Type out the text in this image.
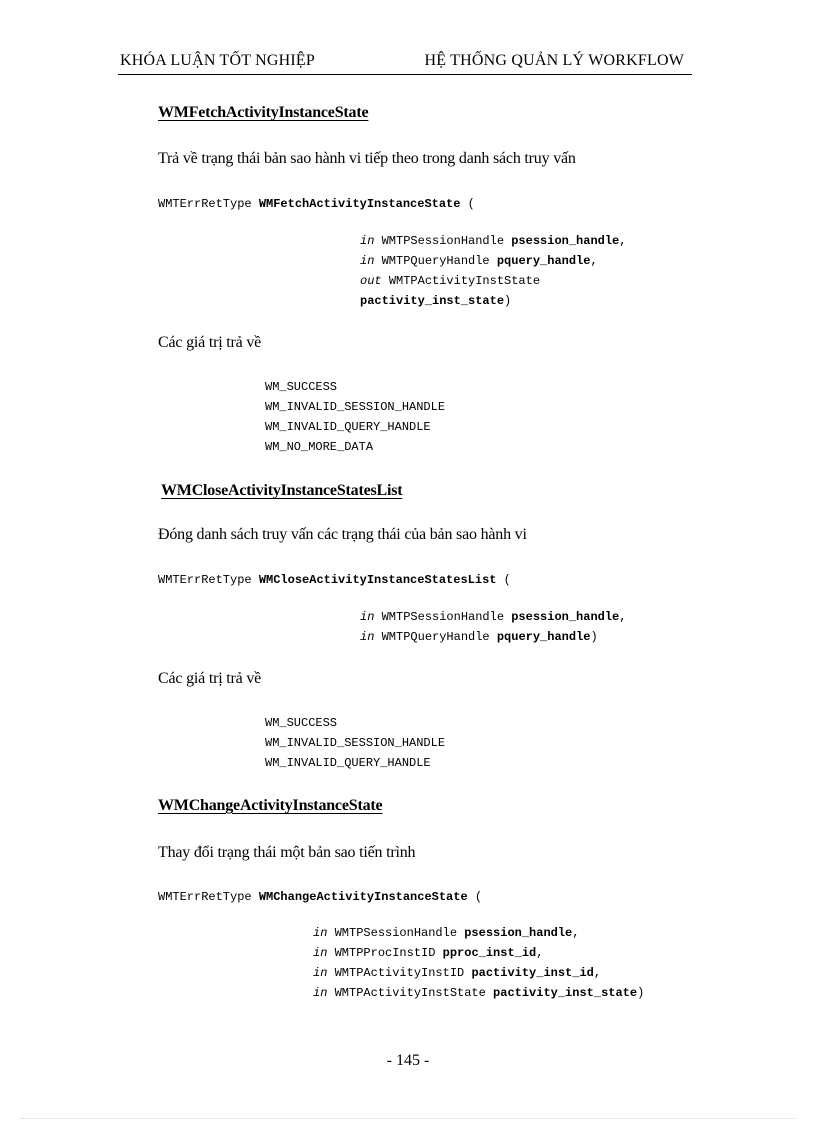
KHÓA LUẬN TỐT NGHIỆP	HỆ THỐNG QUẢN LÝ WORKFLOW
WMFetchActivityInstanceState
Trả về trạng thái bản sao hành vi tiếp theo trong danh sách truy vấn
WMTErrRetType WMFetchActivityInstanceState (
in WMTPSessionHandle psession_handle,
in WMTPQueryHandle pquery_handle,
out WMTPActivityInstState
pactivity_inst_state)
Các giá trị trả về
WM_SUCCESS
WM_INVALID_SESSION_HANDLE
WM_INVALID_QUERY_HANDLE
WM_NO_MORE_DATA
WMCloseActivityInstanceStatesList
Đóng danh sách truy vấn các trạng thái của bản sao hành vi
WMTErrRetType WMCloseActivityInstanceStatesList (
in WMTPSessionHandle psession_handle,
in WMTPQueryHandle pquery_handle)
Các giá trị trả về
WM_SUCCESS
WM_INVALID_SESSION_HANDLE
WM_INVALID_QUERY_HANDLE
WMChangeActivityInstanceState
Thay đổi trạng thái một bản sao tiến trình
WMTErrRetType WMChangeActivityInstanceState (
in WMTPSessionHandle psession_handle,
in WMTPProcInstID pproc_inst_id,
in WMTPActivityInstID pactivity_inst_id,
in WMTPActivityInstState pactivity_inst_state)
- 145 -
